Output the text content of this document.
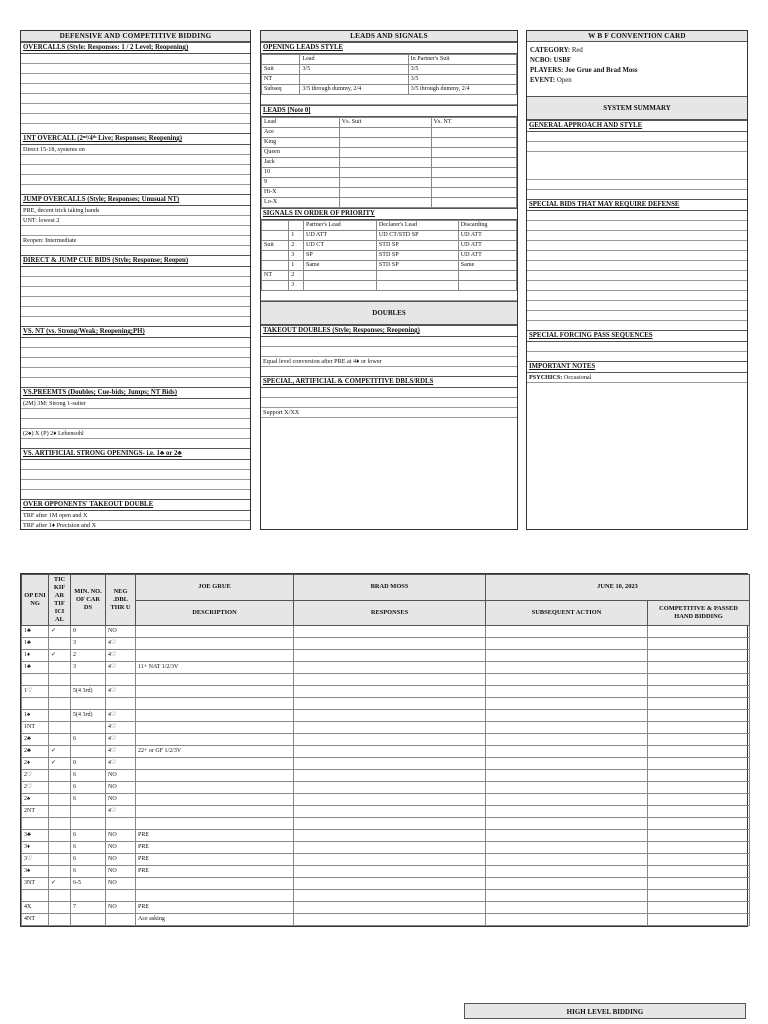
DEFENSIVE AND COMPETITIVE BIDDING
OVERCALLS (Style: Responses: 1 / 2 Level; Reopening)
1NT OVERCALL (2ⁿᵈ/4ᵗʰ Live; Responses; Reopening)
Direct 15-18, systems on
JUMP OVERCALLS (Style; Responses; Unusual NT)
PRE, decent trick taking hands
UNT: lowest 2
Reopen: Intermediate
DIRECT & JUMP CUE BIDS (Style; Response; Reopen)
VS. NT (vs. Strong/Weak; Reopening;PH)
VS.PREEMTS (Doubles; Cue-bids; Jumps; NT Bids)
(2M) 3M: Strong 1-suiter
(2♠) X (P) 2♦ Lebensohl
VS. ARTIFICIAL STRONG OPENINGS- i.e. 1♣ or 2♣
OVER OPPONENTS' TAKEOUT DOUBLE
TRF after 1M open and X
TRF after 1♦ Precision and X
LEADS AND SIGNALS
OPENING LEADS STYLE
	Lead	In Partner's Suit
Suit	3/5	3/5
NT		3/5
Subseq	3/5 through dummy, 2/4	3/5 through dummy, 2/4
LEADS [Note 0]
Lead	Vs. Suit	Vs. NT
Ace		
King		
Queen		
Jack		
10		
9		
Hi-X		
Lo-X		
SIGNALS IN ORDER OF PRIORITY
		Partner's Lead	Declarer's Lead	Discarding
	1	UD ATT	UD CT/STD SP	UD ATT
Suit	2	UD CT	STD SP	UD ATT
	3	SP	STD SP	UD ATT
	1	Same	STD SP	Same
NT	2			
	3			
DOUBLES
TAKEOUT DOUBLES (Style; Responses; Reopening)
Equal level conversion after PRE at 4♦ or lower
SPECIAL, ARTIFICIAL & COMPETITIVE DBLS/RDLS
Support X/XX
W B F CONVENTION CARD
CATEGORY: Red
NCBO: USBF
PLAYERS: Joe Grue and Brad Moss
EVENT: Open
SYSTEM SUMMARY
GENERAL APPROACH AND STYLE
SPECIAL BIDS THAT MAY REQUIRE DEFENSE
SPECIAL FORCING PASS SEQUENCES
IMPORTANT NOTES
PSYCHICS: Occasional
OP ENI NG	TIC KIF AR TIF ICI AL	MIN. NO. OF CAR DS	NEG .DBL THR U	JOE GRUE	BRAD MOSS	JUNE 10, 2023	
				DESCRIPTION	RESPONSES	SUBSEQUENT ACTION	COMPETITIVE & PASSED HAND BIDDING
1♣	✓	0	NO				
1♣		3	4♡				
1♦	✓	2	4♡				
1♣		3	4♡	11+ NAT 1/2/3V			

1♡		5(4 3rd)	4♡				

1♠		5(4 3rd)	4♡				
1NT			4♡				
2♣		6	4♡				
2♣	✓		4♡	22+ or GF 1/2/3V			
2♦	✓	0	4♡				
2♡		6	NO				
2♡		6	NO				
2♠		6	NO				
2NT			4♡				

3♣		6	NO	PRE			
3♦		6	NO	PRE			
3♡		6	NO	PRE			
3♠		6	NO	PRE			
3NT	✓	6-5	NO				

4X		7	NO	PRE			
4NT				Ace asking			
HIGH LEVEL BIDDING
